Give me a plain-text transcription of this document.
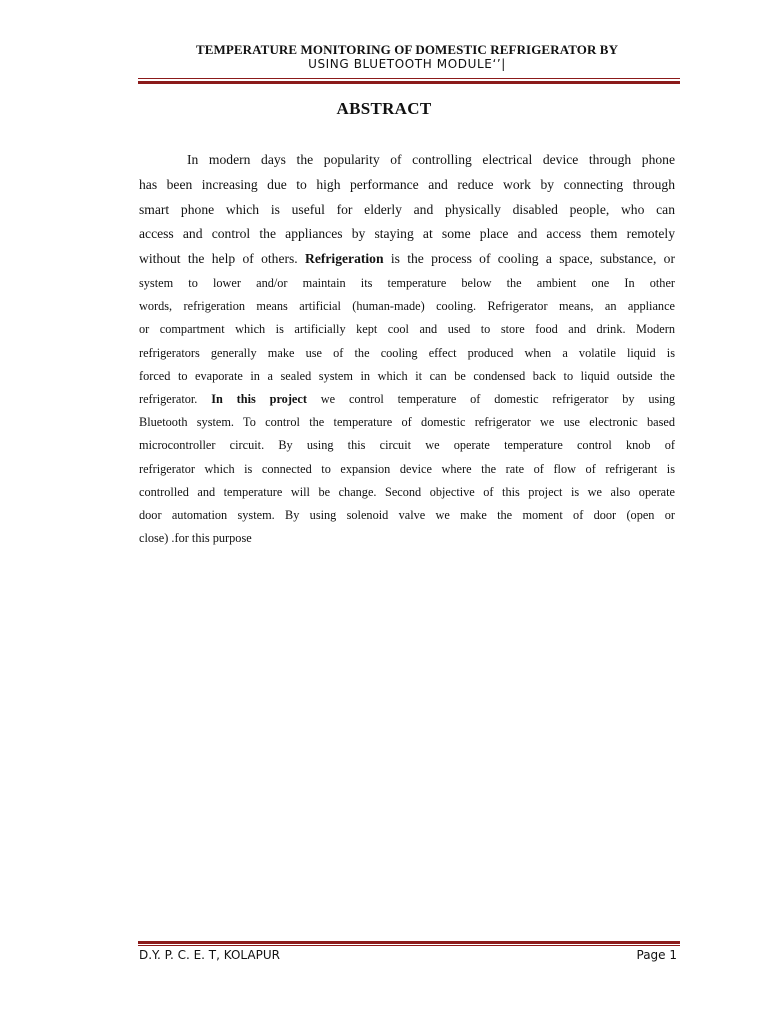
TEMPERATURE MONITORING OF DOMESTIC REFRIGERATOR BY
USING BLUETOOTH MODULE‘’|
ABSTRACT

In modern days the popularity of controlling electrical device through phone

has been increasing due to high performance and reduce work by connecting through

smart phone which is useful for elderly and physically disabled people, who can

access and control the appliances by staying at some place and access them remotely

without the help of others. Refrigeration is the process of cooling a space, substance, or

system to lower and/or maintain its temperature below the ambient one In other

words, refrigeration means artificial (human-made) cooling. Refrigerator means, an appliance

or compartment which is artificially kept cool and used to store food and drink. Modern

refrigerators generally make use of the cooling effect produced when a volatile liquid is

forced to evaporate in a sealed system in which it can be condensed back to liquid outside the

refrigerator. In this project we control temperature of domestic refrigerator by using

Bluetooth system. To control the temperature of domestic refrigerator we use electronic based

microcontroller circuit. By using this circuit we operate temperature control knob of

refrigerator which is connected to expansion device where the rate of flow of refrigerant is

controlled and temperature will be change. Second objective of this project is we also operate

door automation system. By using solenoid valve we make the moment of door (open or

close) .for this purpose

D.Y. P. C. E. T, KOLAPUR	Page 1
